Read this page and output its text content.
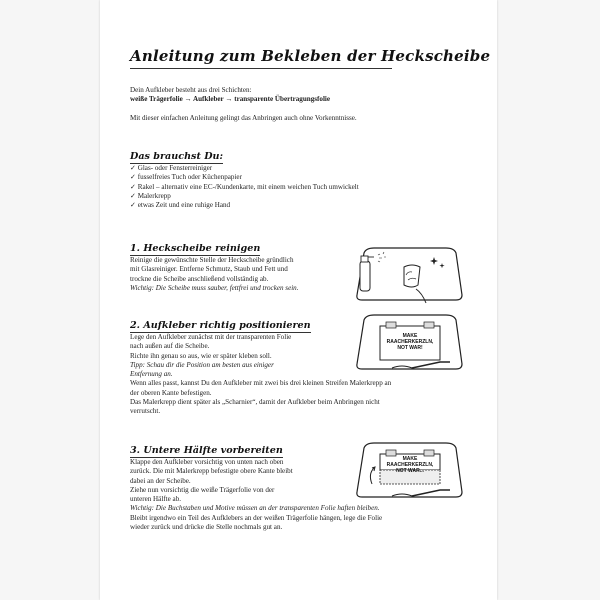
Anleitung zum Bekleben der Heckscheibe
Dein Aufkleber besteht aus drei Schichten:
weiße Trägerfolie → Aufkleber → transparente Übertragungsfolie
Mit dieser einfachen Anleitung gelingt das Anbringen auch ohne Vorkenntnisse.
Das brauchst Du:
✓ Glas- oder Fensterreiniger
✓ fusselfreies Tuch oder Küchenpapier
✓ Rakel – alternativ eine EC-/Kundenkarte, mit einem weichen Tuch umwickelt
✓ Malerkrepp
✓ etwas Zeit und eine ruhige Hand
1. Heckscheibe reinigen
Reinige die gewünschte Stelle der Heckscheibe gründlich
mit Glasreiniger. Entferne Schmutz, Staub und Fett und
trockne die Scheibe anschließend vollständig ab.
Wichtig: Die Scheibe muss sauber, fettfrei und trocken sein.
2. Aufkleber richtig positionieren
Lege den Aufkleber zunächst mit der transparenten Folie
nach außen auf die Scheibe.
Richte ihn genau so aus, wie er später kleben soll.
Tipp: Schau dir die Position am besten aus einiger
Entfernung an.
Wenn alles passt, kannst Du den Aufkleber mit zwei bis drei kleinen Streifen Malerkrepp an
der oberen Kante befestigen.
Das Malerkrepp dient später als „Scharnier“, damit der Aufkleber beim Anbringen nicht
verrutscht.
MAKE
RAACHERKERZLN,
NOT WAR!
3. Untere Hälfte vorbereiten
Klappe den Aufkleber vorsichtig von unten nach oben
zurück. Die mit Malerkrepp befestigte obere Kante bleibt
dabei an der Scheibe.
Ziehe nun vorsichtig die weiße Trägerfolie von der
unteren Hälfte ab.
Wichtig: Die Buchstaben und Motive müssen an der transparenten Folie haften bleiben.
Bleibt irgendwo ein Teil des Aufklebers an der weißen Trägerfolie hängen, lege die Folie
wieder zurück und drücke die Stelle nochmals gut an.
MAKE
RAACHERKERZLN,
NOT WAR...
